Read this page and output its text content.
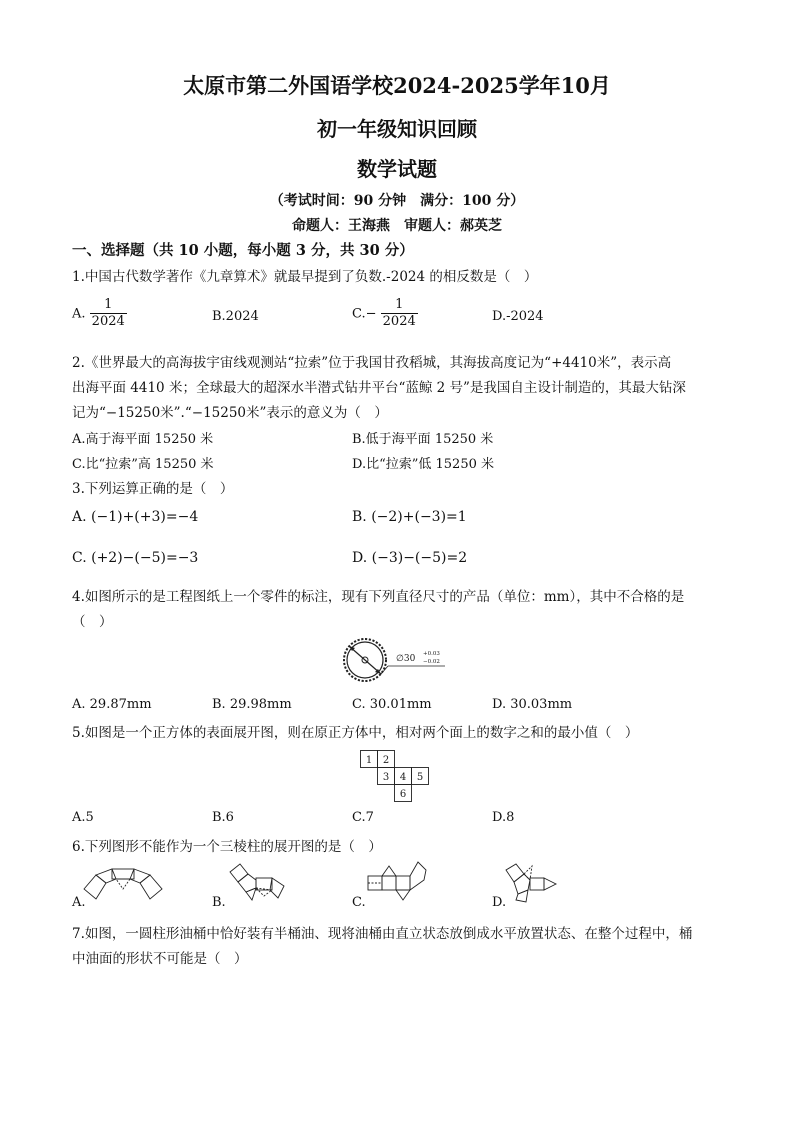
太原市第二外国语学校2024-2025学年10月
初一年级知识回顾
数学试题
（考试时间：90 分钟　满分：100 分）
命题人：王海燕　审题人：郝英芝
一、选择题（共 10 小题，每小题 3 分，共 30 分）
1.中国古代数学著作《九章算术》就最早提到了负数.-2024 的相反数是（　）
A. $\frac{1}{2024}$	B.2024	$C.- \frac{1}{2024}$	D.-2024
2.《世界最大的高海拔宇宙线观测站“拉索”位于我国甘孜稻城，其海拔高度记为“+4410米”，表示高
出海平面 4410 米；全球最大的超深水半潜式钻井平台“蓝鲸 2 号”是我国自主设计制造的，其最大钻深
记为“−15250米”.“−15250米”表示的意义为（　）
A.高于海平面 15250 米	B.低于海平面 15250 米
C.比“拉索”高 15250 米	D.比“拉索”低 15250 米
3.下列运算正确的是（　）
A. (−1)+(+3)=−4	B. (−2)+(−3)=1
C. (+2)−(−5)=−3	D. (−3)−(−5)=2
4.如图所示的是工程图纸上一个零件的标注，现有下列直径尺寸的产品（单位：mm），其中不合格的是
（　）
∅30 +0.03
−0.02
A. 29.87mm	B. 29.98mm	C. 30.01mm	D. 30.03mm
5.如图是一个正方体的表面展开图，则在原正方体中，相对两个面上的数字之和的最小值（　）
1 2
3 4 5
6
A.5	B.6	C.7	D.8
6.下列图形不能作为一个三棱柱的展开图的是（　）
A.	B.	C.	D.
7.如图，一圆柱形油桶中恰好装有半桶油、现将油桶由直立状态放倒成水平放置状态、在整个过程中，桶
中油面的形状不可能是（　）
